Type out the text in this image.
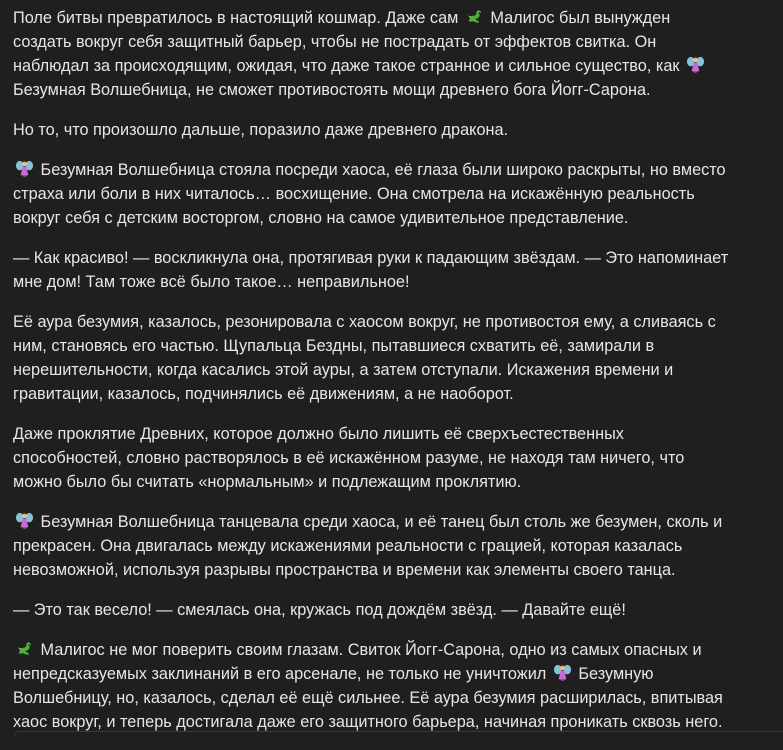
Поле битвы превратилось в настоящий кошмар. Даже сам
Малигос был вынужден
создать вокруг себя защитный барьер, чтобы не пострадать от эффектов свитка. Он
наблюдал за происходящим, ожидая, что даже такое странное и сильное существо, как
Безумная Волшебница, не сможет противостоять мощи древнего бога Йогг-Сарона.
Но то, что произошло дальше, поразило даже древнего дракона.
Безумная Волшебница стояла посреди хаоса, её глаза были широко раскрыты, но вместо
страха или боли в них читалось… восхищение. Она смотрела на искажённую реальность
вокруг себя с детским восторгом, словно на самое удивительное представление.
— Как красиво! — воскликнула она, протягивая руки к падающим звёздам. — Это напоминает
мне дом! Там тоже всё было такое… неправильное!
Её аура безумия, казалось, резонировала с хаосом вокруг, не противостоя ему, а сливаясь с
ним, становясь его частью. Щупальца Бездны, пытавшиеся схватить её, замирали в
нерешительности, когда касались этой ауры, а затем отступали. Искажения времени и
гравитации, казалось, подчинялись её движениям, а не наоборот.
Даже проклятие Древних, которое должно было лишить её сверхъестественных
способностей, словно растворялось в её искажённом разуме, не находя там ничего, что
можно было бы считать «нормальным» и подлежащим проклятию.
Безумная Волшебница танцевала среди хаоса, и её танец был столь же безумен, сколь и
прекрасен. Она двигалась между искажениями реальности с грацией, которая казалась
невозможной, используя разрывы пространства и времени как элементы своего танца.
— Это так весело! — смеялась она, кружась под дождём звёзд. — Давайте ещё!
Малигос не мог поверить своим глазам. Свиток Йогг-Сарона, одно из самых опасных и
непредсказуемых заклинаний в его арсенале, не только не уничтожил
Безумную
Волшебницу, но, казалось, сделал её ещё сильнее. Её аура безумия расширилась, впитывая
хаос вокруг, и теперь достигала даже его защитного барьера, начиная проникать сквозь него.
